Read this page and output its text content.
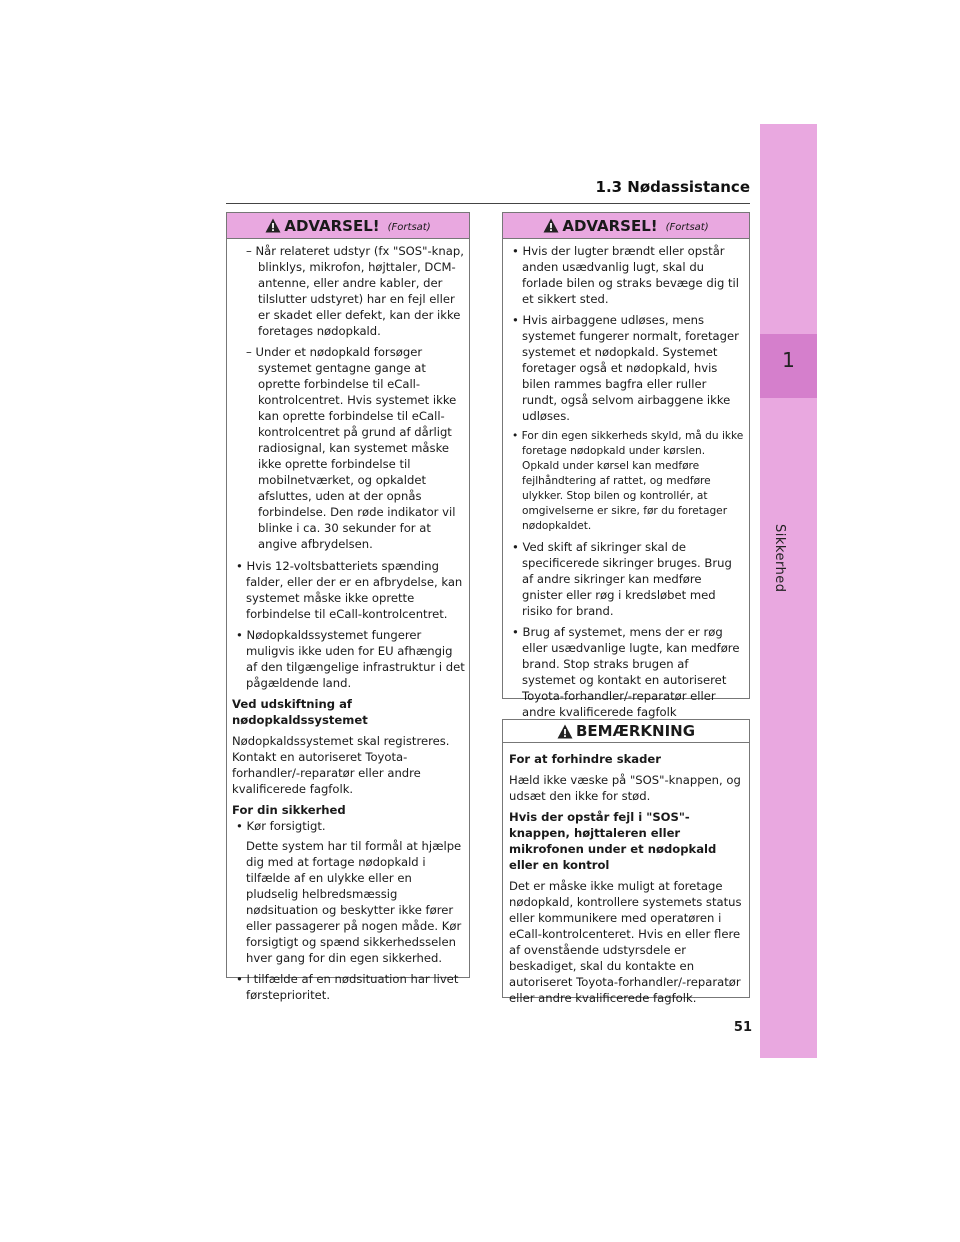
1
Sikkerhed
1.3 Nødassistance
ADVARSEL! (Fortsat)

– Når relateret udstyr (fx "SOS"-knap, blinklys, mikrofon, højttaler, DCM-antenne, eller andre kabler, der tilslutter udstyret) har en fejl eller er skadet eller defekt, kan der ikke foretages nødopkald.

– Under et nødopkald forsøger systemet gentagne gange at oprette forbindelse til eCall-kontrolcentret. Hvis systemet ikke kan oprette forbindelse til eCall-kontrolcentret på grund af dårligt radiosignal, kan systemet måske ikke oprette forbindelse til mobilnetværket, og opkaldet afsluttes, uden at der opnås forbindelse. Den røde indikator vil blinke i ca. 30 sekunder for at angive afbrydelsen.

• Hvis 12-voltsbatteriets spænding falder, eller der er en afbrydelse, kan systemet måske ikke oprette forbindelse til eCall-kontrolcentret.

• Nødopkaldssystemet fungerer muligvis ikke uden for EU afhængig af den tilgængelige infrastruktur i det pågældende land.

Ved udskiftning af nødopkaldssystemet

Nødopkaldssystemet skal registreres. Kontakt en autoriseret Toyota-forhandler/-reparatør eller andre kvalificerede fagfolk.

For din sikkerhed

• Kør forsigtigt.

Dette system har til formål at hjælpe dig med at fortage nødopkald i tilfælde af en ulykke eller en pludselig helbredsmæssig nødsituation og beskytter ikke fører eller passagerer på nogen måde. Kør forsigtigt og spænd sikkerhedsselen hver gang for din egen sikkerhed.

• I tilfælde af en nødsituation har livet førsteprioritet.

ADVARSEL! (Fortsat)

• Hvis der lugter brændt eller opstår anden usædvanlig lugt, skal du forlade bilen og straks bevæge dig til et sikkert sted.

• Hvis airbaggene udløses, mens systemet fungerer normalt, foretager systemet et nødopkald. Systemet foretager også et nødopkald, hvis bilen rammes bagfra eller ruller rundt, også selvom airbaggene ikke udløses.

• For din egen sikkerheds skyld, må du ikke foretage nødopkald under kørslen. Opkald under kørsel kan medføre fejlhåndtering af rattet, og medføre ulykker. Stop bilen og kontrollér, at omgivelserne er sikre, før du foretager nødopkaldet.

• Ved skift af sikringer skal de specificerede sikringer bruges. Brug af andre sikringer kan medføre gnister eller røg i kredsløbet med risiko for brand.

• Brug af systemet, mens der er røg eller usædvanlige lugte, kan medføre brand. Stop straks brugen af systemet og kontakt en autoriseret Toyota-forhandler/-reparatør eller andre kvalificerede fagfolk

BEMÆRKNING

For at forhindre skader

Hæld ikke væske på "SOS"-knappen, og udsæt den ikke for stød.

Hvis der opstår fejl i "SOS"-knappen, højttaleren eller mikrofonen under et nødopkald eller en kontrol

Det er måske ikke muligt at foretage nødopkald, kontrollere systemets status eller kommunikere med operatøren i eCall-kontrolcenteret. Hvis en eller flere af ovenstående udstyrsdele er beskadiget, skal du kontakte en autoriseret Toyota-forhandler/-reparatør eller andre kvalificerede fagfolk.

51
